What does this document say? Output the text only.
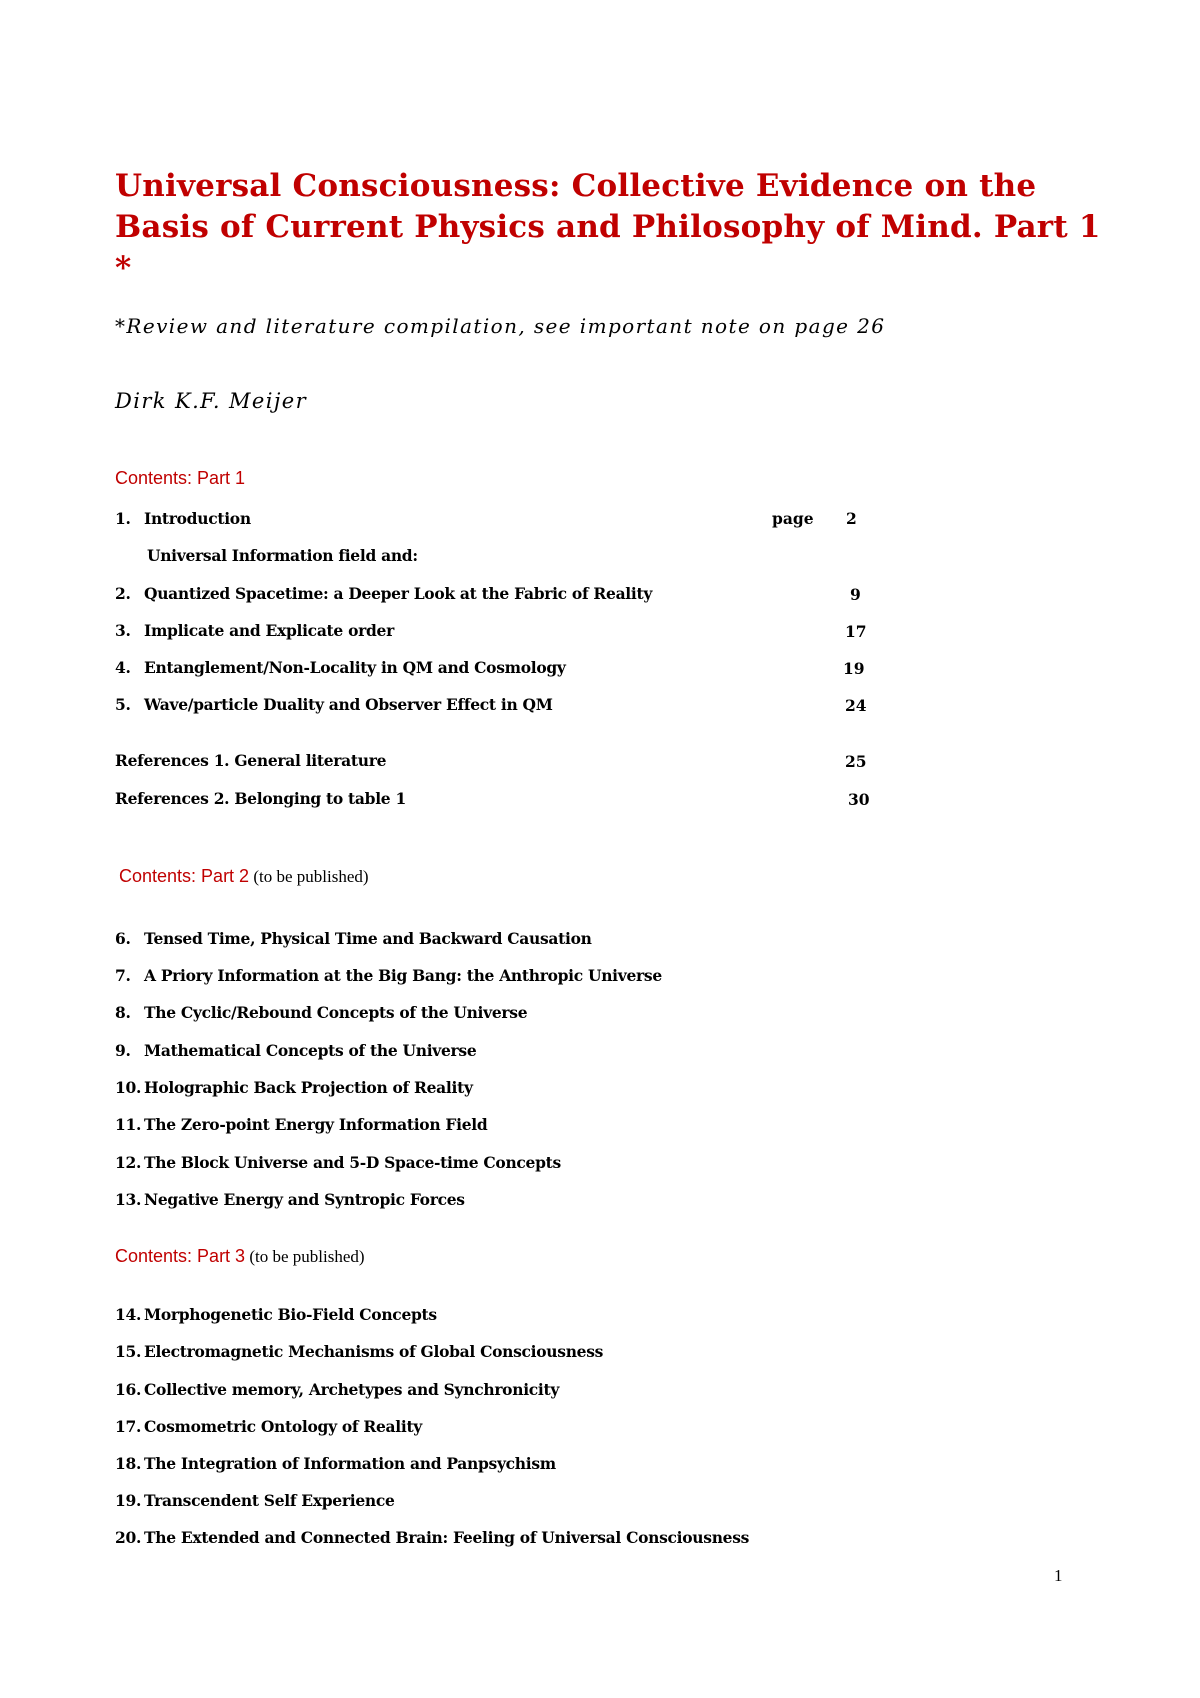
Universal Consciousness: Collective Evidence on the Basis of Current Physics and Philosophy of Mind. Part 1 *

*Review and literature compilation, see important note on page 26

Dirk K.F. Meijer

Contents: Part 1

1. Introduction	page 2
Universal Information field and:

2. Quantized Spacetime: a Deeper Look at the Fabric of Reality	9

3. Implicate and Explicate order	17

4. Entanglement/Non-Locality in QM and Cosmology	19

5. Wave/particle Duality and Observer Effect in QM	24

References 1. General literature	25

References 2. Belonging to table 1	30

Contents: Part 2 (to be published)

6. Tensed Time, Physical Time and Backward Causation

7. A Priory Information at the Big Bang: the Anthropic Universe

8. The Cyclic/Rebound Concepts of the Universe

9. Mathematical Concepts of the Universe

10. Holographic Back Projection of Reality

11. The Zero-point Energy Information Field

12. The Block Universe and 5-D Space-time Concepts

13. Negative Energy and Syntropic Forces

Contents: Part 3 (to be published)

14. Morphogenetic Bio-Field Concepts

15. Electromagnetic Mechanisms of Global Consciousness

16. Collective memory, Archetypes and Synchronicity

17. Cosmometric Ontology of Reality

18. The Integration of Information and Panpsychism

19. Transcendent Self Experience

20. The Extended and Connected Brain: Feeling of Universal Consciousness

1
